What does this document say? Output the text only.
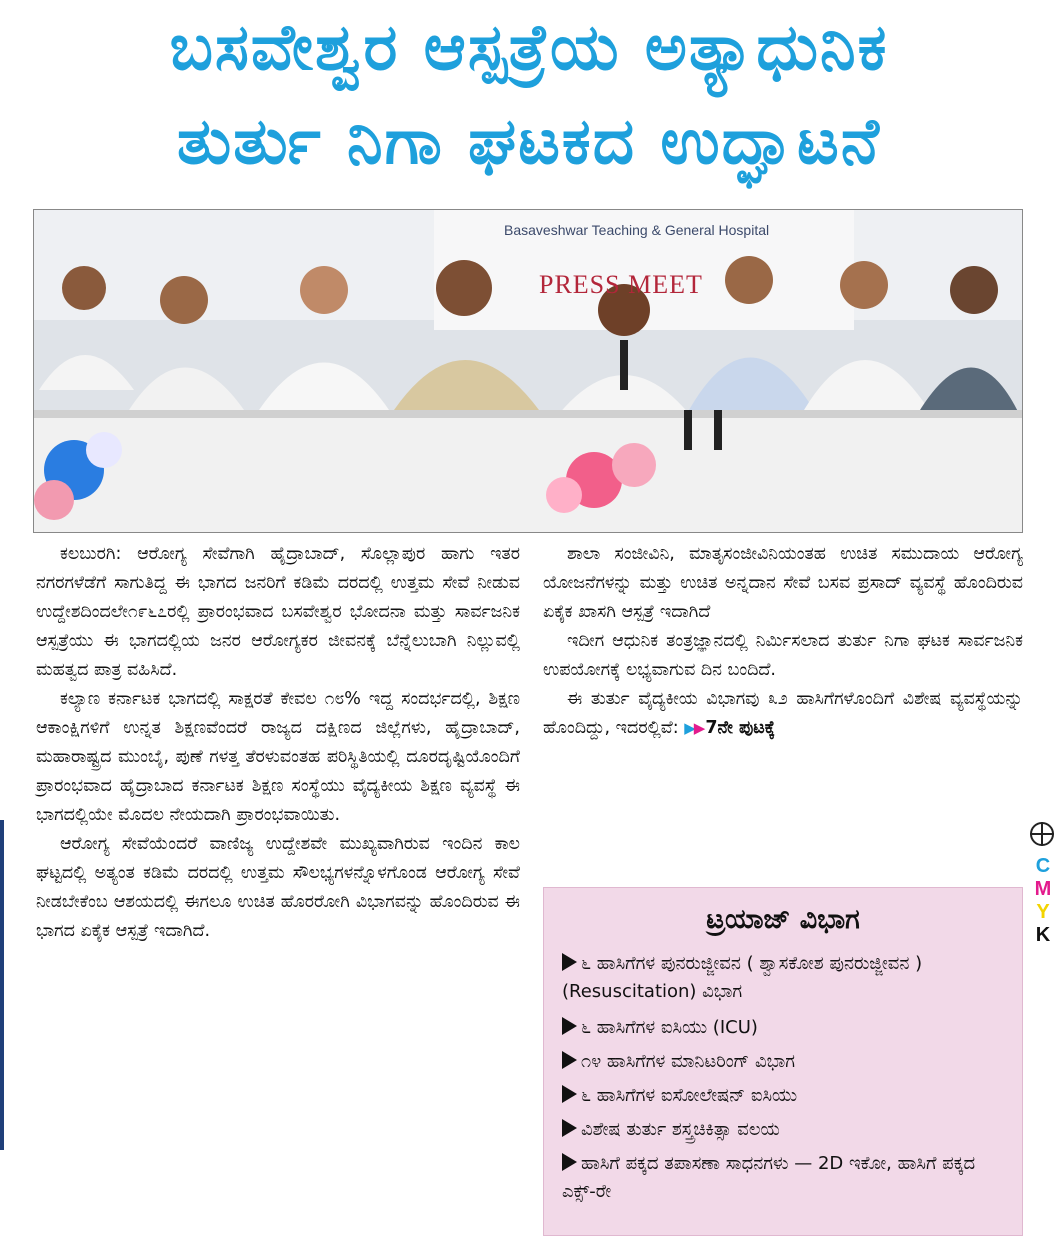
ಬಸವೇಶ್ವರ ಆಸ್ಪತ್ರೆಯ ಅತ್ಯಾಧುನಿಕ
ತುರ್ತು ನಿಗಾ ಘಟಕದ ಉದ್ಘಾಟನೆ
Basaveshwar Teaching & General Hospital
PRESS MEET

ಕಲಬುರಗಿ: ಆರೋಗ್ಯ ಸೇವೆಗಾಗಿ ಹೈದ್ರಾಬಾದ್, ಸೊಲ್ಲಾಪುರ ಹಾಗು ಇತರ ನಗರಗಳೆಡೆಗೆ ಸಾಗುತಿದ್ದ ಈ ಭಾಗದ ಜನರಿಗೆ ಕಡಿಮೆ ದರದಲ್ಲಿ ಉತ್ತಮ ಸೇವೆ ನೀಡುವ ಉದ್ದೇಶದಿಂದಲೇ೧೯೬೭ರಲ್ಲಿ ಪ್ರಾರಂಭವಾದ ಬಸವೇಶ್ವರ ಭೋದನಾ ಮತ್ತು ಸಾರ್ವಜನಿಕ ಆಸ್ಪತ್ರೆಯು ಈ ಭಾಗದಲ್ಲಿಯ ಜನರ ಆರೋಗ್ಯಕರ ಜೀವನಕ್ಕೆ ಬೆನ್ನೆಲುಬಾಗಿ ನಿಲ್ಲುವಲ್ಲಿ ಮಹತ್ವದ ಪಾತ್ರ ವಹಿಸಿದೆ.

ಕಲ್ಯಾಣ ಕರ್ನಾಟಕ ಭಾಗದಲ್ಲಿ ಸಾಕ್ಷರತೆ ಕೇವಲ ೧೮% ಇದ್ದ ಸಂದರ್ಭದಲ್ಲಿ, ಶಿಕ್ಷಣ ಆಕಾಂಕ್ಷಿಗಳಿಗೆ ಉನ್ನತ ಶಿಕ್ಷಣವೆಂದರೆ ರಾಜ್ಯದ ದಕ್ಷಿಣದ ಜಿಲ್ಲೆಗಳು, ಹೈದ್ರಾಬಾದ್, ಮಹಾರಾಷ್ಟ್ರದ ಮುಂಬೈ, ಪುಣೆ ಗಳತ್ತ ತೆರಳುವಂತಹ ಪರಿಸ್ಥಿತಿಯಲ್ಲಿ ದೂರದೃಷ್ಟಿಯೊಂದಿಗೆ ಪ್ರಾರಂಭವಾದ ಹೈದ್ರಾಬಾದ ಕರ್ನಾಟಕ ಶಿಕ್ಷಣ ಸಂಸ್ಥೆಯು ವೈದ್ಯಕೀಯ ಶಿಕ್ಷಣ ವ್ಯವಸ್ಥೆ ಈ ಭಾಗದಲ್ಲಿಯೇ ಮೊದಲ ನೇಯದಾಗಿ ಪ್ರಾರಂಭವಾಯಿತು.

ಆರೋಗ್ಯ ಸೇವೆಯೆಂದರೆ ವಾಣಿಜ್ಯ ಉದ್ದೇಶವೇ ಮುಖ್ಯವಾಗಿರುವ ಇಂದಿನ ಕಾಲ ಘಟ್ಟದಲ್ಲಿ ಅತ್ಯಂತ ಕಡಿಮೆ ದರದಲ್ಲಿ ಉತ್ತಮ ಸೌಲಭ್ಯಗಳನ್ನೊಳಗೊಂಡ ಆರೋಗ್ಯ ಸೇವೆ ನೀಡಬೇಕೆಂಬ ಆಶಯದಲ್ಲಿ ಈಗಲೂ ಉಚಿತ ಹೊರರೋಗಿ ವಿಭಾಗವನ್ನು ಹೊಂದಿರುವ ಈ ಭಾಗದ ಏಕೈಕ ಆಸ್ಪತ್ರೆ ಇದಾಗಿದೆ.

ಶಾಲಾ ಸಂಜೀವಿನಿ, ಮಾತೃಸಂಜೀವಿನಿಯಂತಹ ಉಚಿತ ಸಮುದಾಯ ಆರೋಗ್ಯ ಯೋಜನೆಗಳನ್ನು ಮತ್ತು ಉಚಿತ ಅನ್ನದಾನ ಸೇವೆ ಬಸವ ಪ್ರಸಾದ್ ವ್ಯವಸ್ಥೆ ಹೊಂದಿರುವ ಏಕೈಕ ಖಾಸಗಿ ಆಸ್ಪತ್ರೆ ಇದಾಗಿದೆ

ಇದೀಗ ಆಧುನಿಕ ತಂತ್ರಜ್ಞಾನದಲ್ಲಿ ನಿರ್ಮಿಸಲಾದ ತುರ್ತು ನಿಗಾ ಘಟಕ ಸಾರ್ವಜನಿಕ ಉಪಯೋಗಕ್ಕೆ ಲಭ್ಯವಾಗುವ ದಿನ ಬಂದಿದೆ.

ಈ ತುರ್ತು ವೈದ್ಯಕೀಯ ವಿಭಾಗವು ೩೨ ಹಾಸಿಗೆಗಳೊಂದಿಗೆ ವಿಶೇಷ ವ್ಯವಸ್ಥೆಯನ್ನು ಹೊಂದಿದ್ದು, ಇದರಲ್ಲಿವೆ: ▶▶7ನೇ ಪುಟಕ್ಕೆ

ಟ್ರಯಾಜ್ ವಿಭಾಗ
೬ ಹಾಸಿಗೆಗಳ ಪುನರುಜ್ಜೀವನ ( ಶ್ವಾಸಕೋಶ ಪುನರುಜ್ಜೀವನ ) (Resuscitation) ವಿಭಾಗ
೬ ಹಾಸಿಗೆಗಳ ಐಸಿಯು (ICU)
೧೪ ಹಾಸಿಗೆಗಳ ಮಾನಿಟರಿಂಗ್ ವಿಭಾಗ
೬ ಹಾಸಿಗೆಗಳ ಐಸೋಲೇಷನ್ ಐಸಿಯು
ವಿಶೇಷ ತುರ್ತು ಶಸ್ತ್ರಚಿಕಿತ್ಸಾ ವಲಯ
ಹಾಸಿಗೆ ಪಕ್ಕದ ತಪಾಸಣಾ ಸಾಧನಗಳು — 2D ಇಕೋ, ಹಾಸಿಗೆ ಪಕ್ಕದ ಎಕ್ಸ್-ರೇ
C
M
Y
K
